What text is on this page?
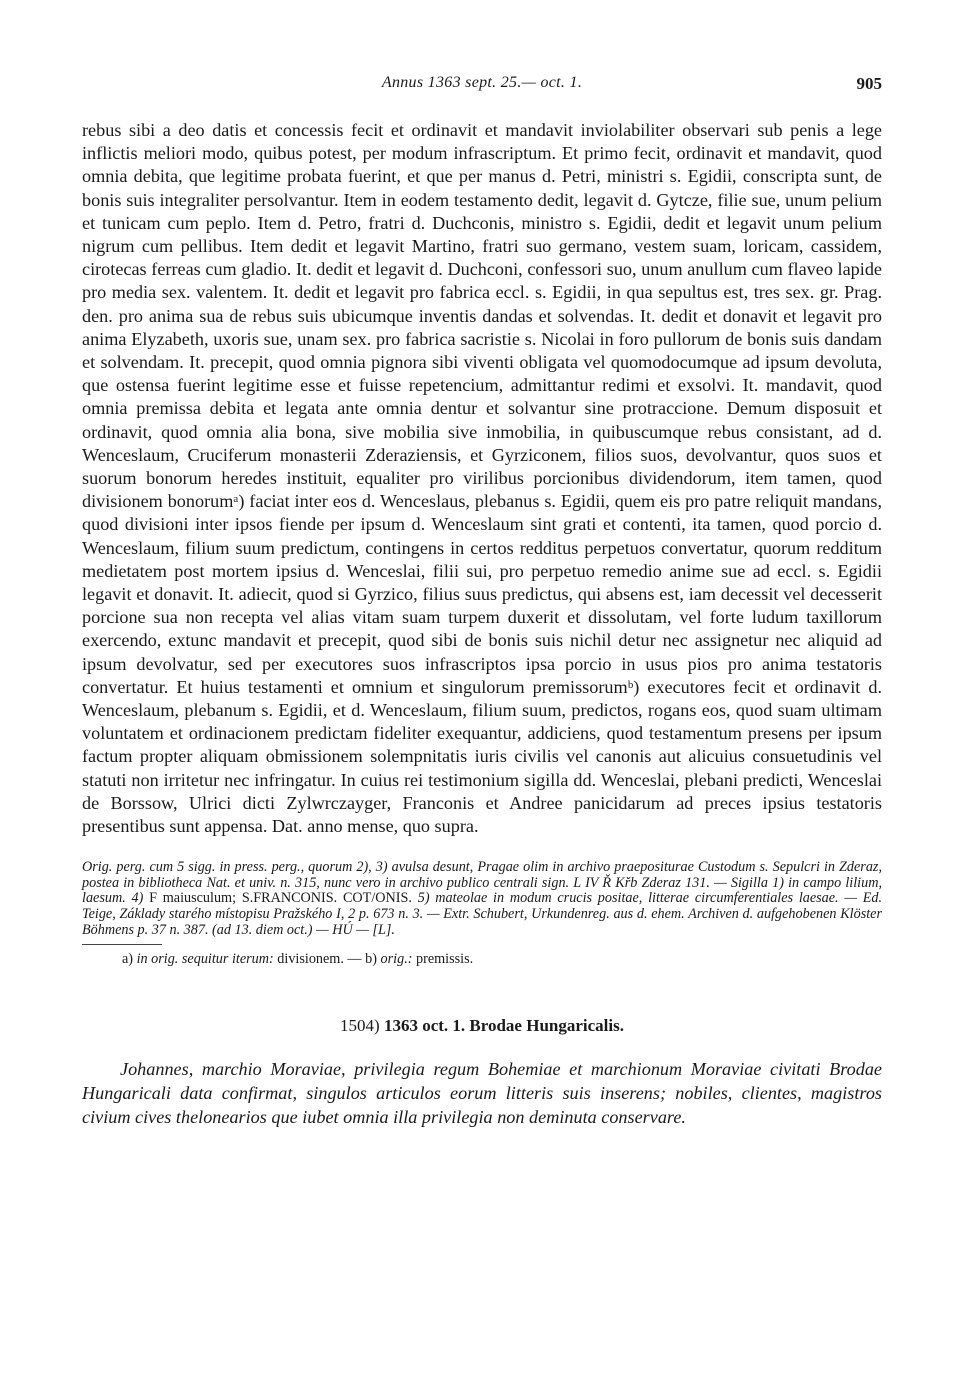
Annus 1363 sept. 25.— oct. 1.	905

rebus sibi a deo datis et concessis fecit et ordinavit et mandavit inviolabiliter observari sub penis a lege inflictis meliori modo, quibus potest, per modum infrascriptum. Et primo fecit, ordinavit et mandavit, quod omnia debita, que legitime probata fuerint, et que per manus d. Petri, ministri s. Egidii, conscripta sunt, de bonis suis integraliter persolvantur. Item in eodem testamento dedit, legavit d. Gytcze, filie sue, unum pelium et tunicam cum peplo. Item d. Petro, fratri d. Duchconis, ministro s. Egidii, dedit et legavit unum pelium nigrum cum pellibus. Item dedit et legavit Martino, fratri suo germano, vestem suam, loricam, cassidem, cirotecas ferreas cum gladio. It. dedit et legavit d. Duchconi, confessori suo, unum anullum cum flaveo lapide pro media sex. valentem. It. dedit et legavit pro fabrica eccl. s. Egidii, in qua sepultus est, tres sex. gr. Prag. den. pro anima sua de rebus suis ubicumque inventis dandas et solvendas. It. dedit et donavit et legavit pro anima Elyzabeth, uxoris sue, unam sex. pro fabrica sacristie s. Nicolai in foro pullorum de bonis suis dandam et solvendam. It. precepit, quod omnia pignora sibi viventi obligata vel quomodocumque ad ipsum devoluta, que ostensa fuerint legitime esse et fuisse repetencium, admittantur redimi et exsolvi. It. mandavit, quod omnia premissa debita et legata ante omnia dentur et solvantur sine protraccione. Demum disposuit et ordinavit, quod omnia alia bona, sive mobilia sive inmobilia, in quibuscumque rebus consistant, ad d. Wenceslaum, Cruciferum monasterii Zderaziensis, et Gyrziconem, filios suos, devolvantur, quos suos et suorum bonorum heredes instituit, equaliter pro virilibus porcionibus dividendorum, item tamen, quod divisionem bonorumᵃ) faciat inter eos d. Wenceslaus, plebanus s. Egidii, quem eis pro patre reliquit mandans, quod divisioni inter ipsos fiende per ipsum d. Wenceslaum sint grati et contenti, ita tamen, quod porcio d. Wenceslaum, filium suum predictum, contingens in certos redditus perpetuos convertatur, quorum redditum medietatem post mortem ipsius d. Wenceslai, filii sui, pro perpetuo remedio anime sue ad eccl. s. Egidii legavit et donavit. It. adiecit, quod si Gyrzico, filius suus predictus, qui absens est, iam decessit vel decesserit porcione sua non recepta vel alias vitam suam turpem duxerit et dissolutam, vel forte ludum taxillorum exercendo, extunc mandavit et precepit, quod sibi de bonis suis nichil detur nec assignetur nec aliquid ad ipsum devolvatur, sed per executores suos infrascriptos ipsa porcio in usus pios pro anima testatoris convertatur. Et huius testamenti et omnium et singulorum premissorumᵇ) executores fecit et ordinavit d. Wenceslaum, plebanum s. Egidii, et d. Wenceslaum, filium suum, predictos, rogans eos, quod suam ultimam voluntatem et ordinacionem predictam fideliter exequantur, addiciens, quod testamentum presens per ipsum factum propter aliquam obmissionem solempnitatis iuris civilis vel canonis aut alicuius consuetudinis vel statuti non irritetur nec infringatur. In cuius rei testimonium sigilla dd. Wenceslai, plebani predicti, Wenceslai de Borssow, Ulrici dicti Zylwrczayger, Franconis et Andree panicidarum ad preces ipsius testatoris presentibus sunt appensa. Dat. anno mense, quo supra.

Orig. perg. cum 5 sigg. in press. perg., quorum 2), 3) avulsa desunt, Pragae olim in archivo praepositurae Custodum s. Sepulcri in Zderaz, postea in bibliotheca Nat. et univ. n. 315, nunc vero in archivo publico centrali sign. L IV Ř Křb Zderaz 131. — Sigilla 1) in campo lilium, laesum. 4) F maiusculum; S.FRANCONIS. COT/ONIS. 5) mateolae in modum crucis positae, litterae circumferentiales laesae. — Ed. Teige, Základy starého místopisu Pražského I, 2 p. 673 n. 3. — Extr. Schubert, Urkundenreg. aus d. ehem. Archiven d. aufgehobenen Klöster Böhmens p. 37 n. 387. (ad 13. diem oct.) — HÚ — [L].

a) in orig. sequitur iterum: divisionem. — b) orig.: premissis.
1504) 1363 oct. 1. Brodae Hungaricalis.

Johannes, marchio Moraviae, privilegia regum Bohemiae et marchionum Moraviae civitati Brodae Hungaricali data confirmat, singulos articulos eorum litteris suis inserens; nobiles, clientes, magistros civium cives thelonearios que iubet omnia illa privilegia non deminuta conservare.
